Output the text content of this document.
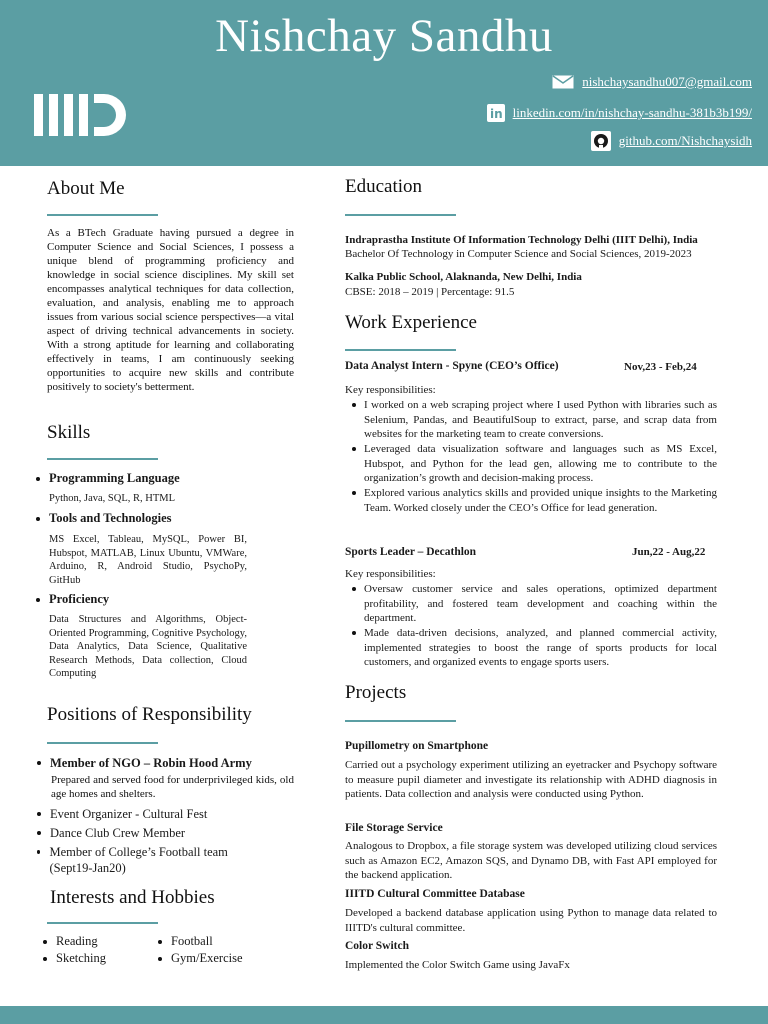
Nishchay Sandhu
nishchaysandhu007@gmail.com
in linkedin.com/in/nishchay-sandhu-381b3b199/
github.com/Nishchaysidh
About Me
As a BTech Graduate having pursued a degree in Computer Science and Social Sciences, I possess a unique blend of programming proficiency and knowledge in social science disciplines. My skill set encompasses analytical techniques for data collection, evaluation, and analysis, enabling me to approach issues from various social science perspectives—a vital aspect of driving technical advancements in society. With a strong aptitude for learning and collaborating effectively in teams, I am continuously seeking opportunities to acquire new skills and contribute positively to society's betterment.
Skills
Programming Language
Python, Java, SQL, R, HTML
Tools and Technologies
MS Excel, Tableau, MySQL, Power BI, Hubspot, MATLAB, Linux Ubuntu, VMWare, Arduino, R, Android Studio, PsychoPy, GitHub
Proficiency
Data Structures and Algorithms, Object-Oriented Programming, Cognitive Psychology, Data Analytics, Data Science, Qualitative Research Methods, Data collection, Cloud Computing
Positions of Responsibility
Member of NGO – Robin Hood Army
Prepared and served food for underprivileged kids, old age homes and shelters.
Event Organizer - Cultural Fest
Dance Club Crew Member
Member of College’s Football team (Sept19-Jan20)
Interests and Hobbies
Reading	Football
Sketching	Gym/Exercise
Education
Indraprastha Institute Of Information Technology Delhi (IIIT Delhi), India
Bachelor Of Technology in Computer Science and Social Sciences, 2019-2023
Kalka Public School, Alaknanda, New Delhi, India
CBSE: 2018 – 2019 | Percentage: 91.5
Work Experience
Data Analyst Intern - Spyne (CEO’s Office)	Nov,23 - Feb,24
Key responsibilities:
I worked on a web scraping project where I used Python with libraries such as Selenium, Pandas, and BeautifulSoup to extract, parse, and scrap data from websites for the marketing team to create conversions.
Leveraged data visualization software and languages such as MS Excel, Hubspot, and Python for the lead gen, allowing me to contribute to the organization’s growth and decision-making process.
Explored various analytics skills and provided unique insights to the Marketing Team. Worked closely under the CEO’s Office for lead generation.
Sports Leader – Decathlon	Jun,22 - Aug,22
Key responsibilities:
Oversaw customer service and sales operations, optimized department profitability, and fostered team development and coaching within the department.
Made data-driven decisions, analyzed, and planned commercial activity, implemented strategies to boost the range of sports products for local customers, and organized events to engage sports users.
Projects
Pupillometry on Smartphone
Carried out a psychology experiment utilizing an eyetracker and Psychopy software to measure pupil diameter and investigate its relationship with ADHD diagnosis in patients. Data collection and analysis were conducted using Python.
File Storage Service
Analogous to Dropbox, a file storage system was developed utilizing cloud services such as Amazon EC2, Amazon SQS, and Dynamo DB, with Fast API employed for the backend application.
IIITD Cultural Committee Database
Developed a backend database application using Python to manage data related to IIITD's cultural committee.
Color Switch
Implemented the Color Switch Game using JavaFx
